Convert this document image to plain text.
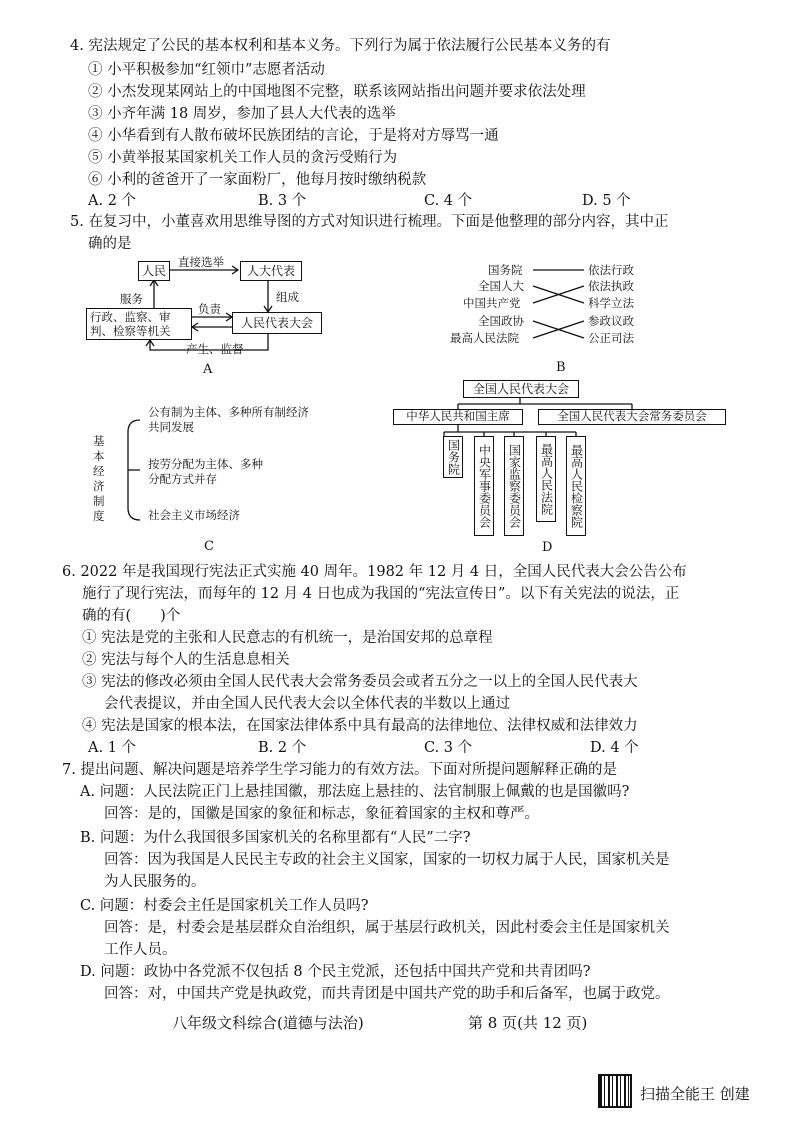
4. 宪法规定了公民的基本权利和基本义务。下列行为属于依法履行公民基本义务的有
① 小平积极参加“红领巾”志愿者活动
② 小杰发现某网站上的中国地图不完整，联系该网站指出问题并要求依法处理
③ 小齐年满 18 周岁，参加了县人大代表的选举
④ 小华看到有人散布破坏民族团结的言论，于是将对方辱骂一通
⑤ 小黄举报某国家机关工作人员的贪污受贿行为
⑥ 小利的爸爸开了一家面粉厂，他每月按时缴纳税款
A. 2 个	B. 3 个	C. 4 个	D. 5 个
5. 在复习中，小董喜欢用思维导图的方式对知识进行梳理。下面是他整理的部分内容，其中正
确的是
人民
直接选举
人大代表
组成
服务
负责
行政、监察、审判、检察等机关
人民代表大会
产生、监督
A
国务院
全国人大
中国共产党
全国政协
最高人民法院
依法行政
依法执政
科学立法
参政议政
公正司法
B
基本经济制度
公有制为主体、多种所有制经济共同发展
按劳分配为主体、多种分配方式并存
社会主义市场经济
C
全国人民代表大会
中华人民共和国主席	全国人民代表大会常务委员会
国务院 中央军事委员会 国家监察委员会 最高人民法院 最高人民检察院
D
6. 2022 年是我国现行宪法正式实施 40 周年。1982 年 12 月 4 日，全国人民代表大会公告公布
施行了现行宪法，而每年的 12 月 4 日也成为我国的“宪法宣传日”。以下有关宪法的说法，正
确的有(　　)个
① 宪法是党的主张和人民意志的有机统一，是治国安邦的总章程
② 宪法与每个人的生活息息相关
③ 宪法的修改必须由全国人民代表大会常务委员会或者五分之一以上的全国人民代表大
会代表提议，并由全国人民代表大会以全体代表的半数以上通过
④ 宪法是国家的根本法，在国家法律体系中具有最高的法律地位、法律权威和法律效力
A. 1 个	B. 2 个	C. 3 个	D. 4 个
7. 提出问题、解决问题是培养学生学习能力的有效方法。下面对所提问题解释正确的是
A. 问题：人民法院正门上悬挂国徽，那法庭上悬挂的、法官制服上佩戴的也是国徽吗?
回答：是的，国徽是国家的象征和标志，象征着国家的主权和尊严。
B. 问题：为什么我国很多国家机关的名称里都有“人民”二字?
回答：因为我国是人民民主专政的社会主义国家，国家的一切权力属于人民，国家机关是
为人民服务的。
C. 问题：村委会主任是国家机关工作人员吗?
回答：是，村委会是基层群众自治组织，属于基层行政机关，因此村委会主任是国家机关
工作人员。
D. 问题：政协中各党派不仅包括 8 个民主党派，还包括中国共产党和共青团吗?
回答：对，中国共产党是执政党，而共青团是中国共产党的助手和后备军，也属于政党。
八年级文科综合(道德与法治)	第 8 页(共 12 页)
扫描全能王 创建
